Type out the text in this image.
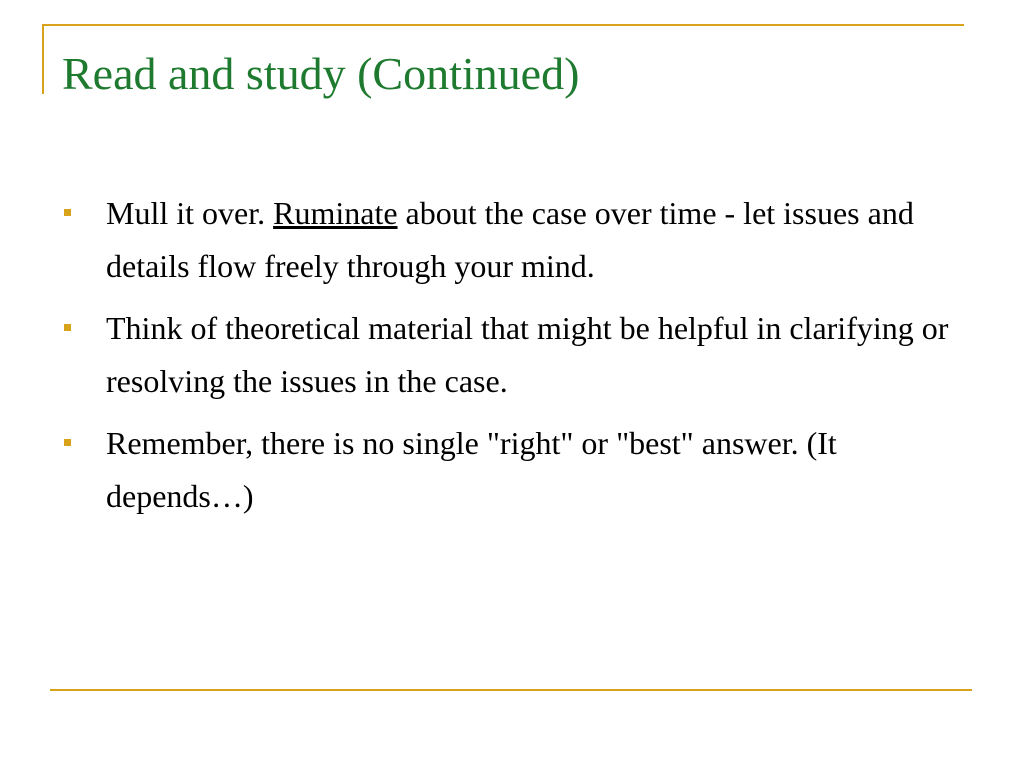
Read and study (Continued)
Mull it over. Ruminate about the case over time - let issues and details flow freely through your mind.
Think of theoretical material that might be helpful in clarifying or resolving the issues in the case.
Remember, there is no single "right" or "best" answer. (It depends…)
